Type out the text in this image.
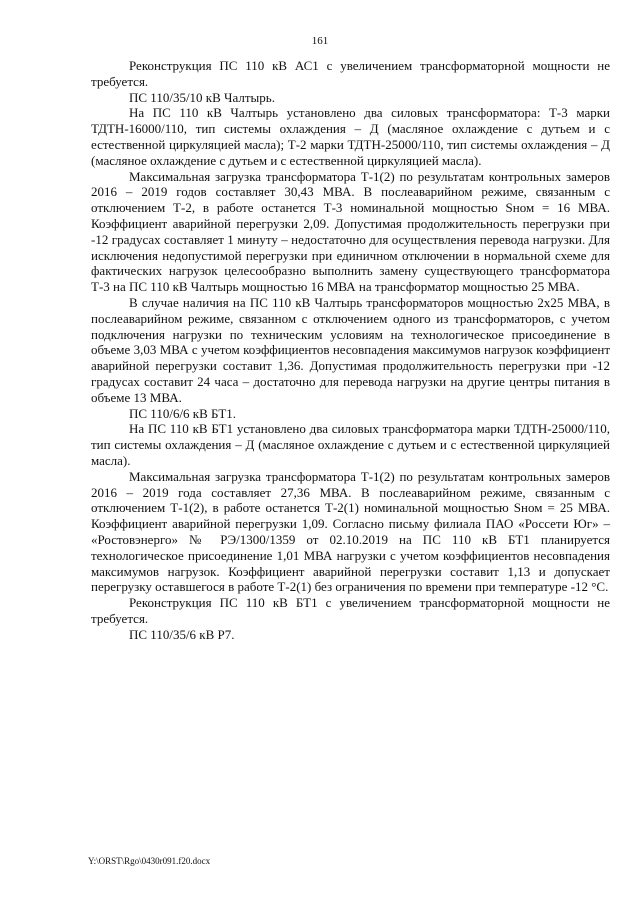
161

Реконструкция ПС 110 кВ АС1 с увеличением трансформаторной мощности не требуется.

ПС 110/35/10 кВ Чалтырь.

На ПС 110 кВ Чалтырь установлено два силовых трансформатора: Т-3 марки ТДТН-16000/110, тип системы охлаждения – Д (масляное охлаждение с дутьем и с естественной циркуляцией масла); Т-2 марки ТДТН-25000/110, тип системы охлаждения – Д (масляное охлаждение с дутьем и с естественной циркуляцией масла).

Максимальная загрузка трансформатора Т-1(2) по результатам контрольных замеров 2016 – 2019 годов составляет 30,43 МВА. В послеаварийном режиме, связанным с отключением Т-2, в работе останется Т-3 номинальной мощностью Sном = 16 МВА. Коэффициент аварийной перегрузки 2,09. Допустимая продолжительность перегрузки при -12 градусах составляет 1 минуту – недостаточно для осуществления перевода нагрузки. Для исключения недопустимой перегрузки при единичном отключении в нормальной схеме для фактических нагрузок целесообразно выполнить замену существующего трансформатора Т-3 на ПС 110 кВ Чалтырь мощностью 16 МВА на трансформатор мощностью 25 МВА.

В случае наличия на ПС 110 кВ Чалтырь трансформаторов мощностью 2х25 МВА, в послеаварийном режиме, связанном с отключением одного из трансформаторов, с учетом подключения нагрузки по техническим условиям на технологическое присоединение в объеме 3,03 МВА с учетом коэффициентов несовпадения максимумов нагрузок коэффициент аварийной перегрузки составит 1,36. Допустимая продолжительность перегрузки при -12 градусах составит 24 часа – достаточно для перевода нагрузки на другие центры питания в объеме 13 МВА.

ПС 110/6/6 кВ БТ1.

На ПС 110 кВ БТ1 установлено два силовых трансформатора марки ТДТН-25000/110, тип системы охлаждения – Д (масляное охлаждение с дутьем и с естественной циркуляцией масла).

Максимальная загрузка трансформатора Т-1(2) по результатам контрольных замеров 2016 – 2019 года составляет 27,36 МВА. В послеаварийном режиме, связанным с отключением Т-1(2), в работе останется Т-2(1) номинальной мощностью Sном = 25 МВА. Коэффициент аварийной перегрузки 1,09. Согласно письму филиала ПАО «Россети Юг» – «Ростовэнерго» № РЭ/1300/1359 от 02.10.2019 на ПС 110 кВ БТ1 планируется технологическое присоединение 1,01 МВА нагрузки с учетом коэффициентов несовпадения максимумов нагрузок. Коэффициент аварийной перегрузки составит 1,13 и допускает перегрузку оставшегося в работе Т-2(1) без ограничения по времени при температуре -12 °С.

Реконструкция ПС 110 кВ БТ1 с увеличением трансформаторной мощности не требуется.

ПС 110/35/6 кВ Р7.

Y:\ORST\Rgo\0430r091.f20.docx
